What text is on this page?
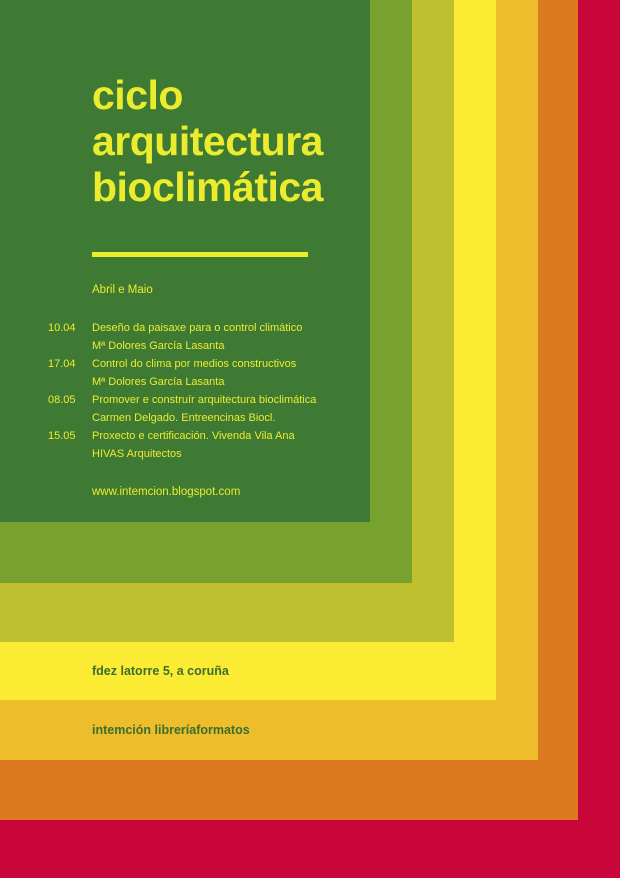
ciclo
arquitectura
bioclimática
Abril e Maio
10.04 Deseño da paisaxe para o control climático
Mª Dolores García Lasanta
17.04 Control do clima por medios constructivos
Mª Dolores García Lasanta
08.05 Promover e construír arquitectura bioclimática
Carmen Delgado. Entreencinas Biocl.
15.05 Proxecto e certificación. Vivenda Vila Ana
HIVAS Arquitectos
www.intemcion.blogspot.com
fdez latorre 5, a coruña
intemción librerí‌aformatos
